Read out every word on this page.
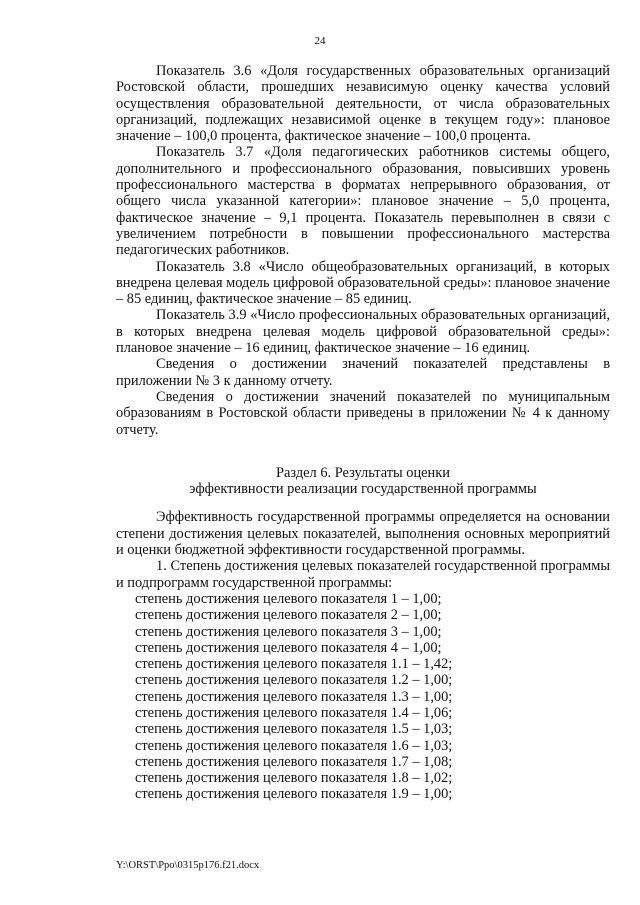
24

Показатель 3.6 «Доля государственных образовательных организаций Ростовской области, прошедших независимую оценку качества условий осуществления образовательной деятельности, от числа образовательных организаций, подлежащих независимой оценке в текущем году»: плановое значение – 100,0 процента, фактическое значение – 100,0 процента.

Показатель 3.7 «Доля педагогических работников системы общего, дополнительного и профессионального образования, повысивших уровень профессионального мастерства в форматах непрерывного образования, от общего числа указанной категории»: плановое значение – 5,0 процента, фактическое значение – 9,1 процента. Показатель перевыполнен в связи с увеличением потребности в повышении профессионального мастерства педагогических работников.

Показатель 3.8 «Число общеобразовательных организаций, в которых внедрена целевая модель цифровой образовательной среды»: плановое значение – 85 единиц, фактическое значение – 85 единиц.

Показатель 3.9 «Число профессиональных образовательных организаций, в которых внедрена целевая модель цифровой образовательной среды»: плановое значение – 16 единиц, фактическое значение – 16 единиц.

Сведения о достижении значений показателей представлены в приложении № 3 к данному отчету.

Сведения о достижении значений показателей по муниципальным образованиям в Ростовской области приведены в приложении № 4 к данному отчету.

Раздел 6. Результаты оценки

эффективности реализации государственной программы

Эффективность государственной программы определяется на основании степени достижения целевых показателей, выполнения основных мероприятий и оценки бюджетной эффективности государственной программы.

1. Степень достижения целевых показателей государственной программы и подпрограмм государственной программы:

степень достижения целевого показателя 1 – 1,00;
степень достижения целевого показателя 2 – 1,00;
степень достижения целевого показателя 3 – 1,00;
степень достижения целевого показателя 4 – 1,00;
степень достижения целевого показателя 1.1 – 1,42;
степень достижения целевого показателя 1.2 – 1,00;
степень достижения целевого показателя 1.3 – 1,00;
степень достижения целевого показателя 1.4 – 1,06;
степень достижения целевого показателя 1.5 – 1,03;
степень достижения целевого показателя 1.6 – 1,03;
степень достижения целевого показателя 1.7 – 1,08;
степень достижения целевого показателя 1.8 – 1,02;
степень достижения целевого показателя 1.9 – 1,00;
Y:\ORST\Ppo\0315p176.f21.docx
